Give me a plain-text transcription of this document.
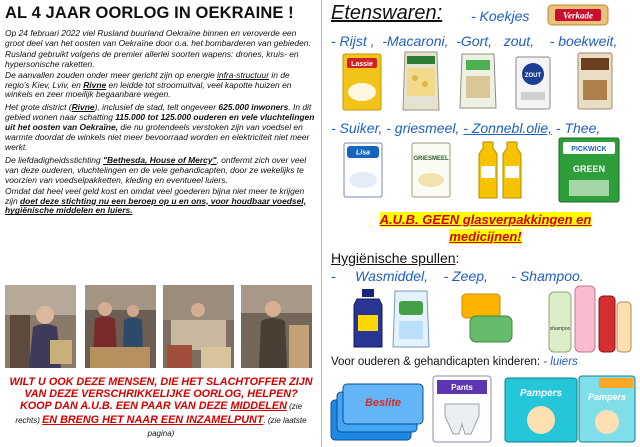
AL 4 JAAR OORLOG IN OEKRAINE !
Op 24 februari 2022 viel Rusland buurland Oekraïne binnen en veroverde een groot deel van het oosten van Oekraïne door o.a. het bombarderen van gebieden.
Rusland gebruikt volgens de premier allerlei soorten wapens: drones, kruis- en hypersonische raketten.
De aanvallen zouden onder meer gericht zijn op energie infra-structuur in de regio's Kiev, Lviv, en Rivne en leidde tot stroomuitval, veel kapotte huizen en winkels en zeer moeilijk begaanbare wegen.
Het grote district (Rivne), inclusief de stad, telt ongeveer 625.000 inwoners. In dit gebied wonen naar schatting 115.000 tot 125.000 ouderen en vele vluchtelingen uit het oosten van Oekraïne, die nu grotendeels verstoken zijn van voedsel en warmte doordat de winkels niet meer bevoorraad worden en elektriciteit niet meer werkt.
De liefdadigheidsstichting "Bethesda, House of Mercy", ontfermt zich over veel van deze ouderen, vluchtelingen en de vele gehandicapten, door ze wekelijks te voorzien van voedselpakketten, kleding en eventueel luiers.
Omdat dat heel veel geld kost en omdat veel goederen bijna niet meer te krijgen zijn doet deze stichting nu een beroep op u en ons, voor houdbaar voedsel, hygiënische middelen en luiers.
WILT U OOK DEZE MENSEN, DIE HET SLACHTOFFER ZIJN VAN DEZE VERSCHRIKKELIJKE OORLOG, HELPEN? KOOP DAN A.U.B. EEN PAAR VAN DEZE MIDDELEN (zie rechts) EN BRENG HET NAAR EEN INZAMELPUNT. (zie laatste pagina)
Etenswaren: - Koekjes	Verkade
- Rijst , -Macaroni, -Gort, zout, - boekweit,
Lassie
ZOUT
- Suiker, - griesmeel, - Zonnebl.olie, - Thee,
Lisa
GRIESMEEL
PICKWICK
GREEN
A.U.B. GEEN glasverpakkingen en medicijnen!
Hygiënische spullen:
- Wasmiddel, - Zeep, - Shampoo.
shampoo
Voor ouderen & gehandicapten kinderen: - luiers
Beslite
Pants
Pampers	Pampers
